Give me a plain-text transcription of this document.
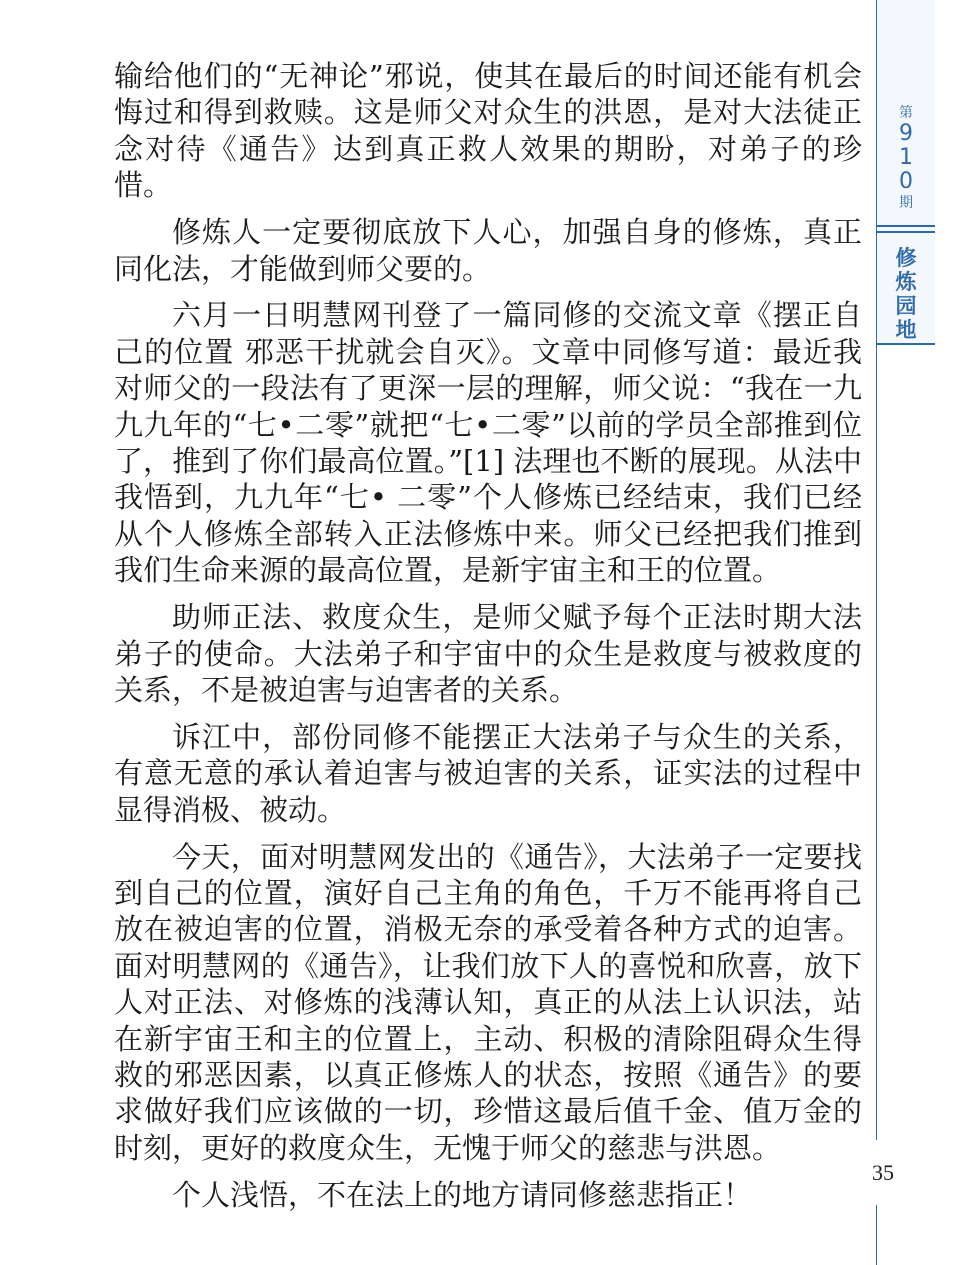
第
9
1
0
期
修
炼
园
地

输给他们的“无神论”邪说，使其在最后的时间还能有机会悔过和得到救赎。这是师父对众生的洪恩，是对大法徒正念对待《通告》达到真正救人效果的期盼，对弟子的珍惜。

修炼人一定要彻底放下人心，加强自身的修炼，真正同化法，才能做到师父要的。

六月一日明慧网刊登了一篇同修的交流文章《摆正自己的位置 邪恶干扰就会自灭》。文章中同修写道：最近我对师父的一段法有了更深一层的理解，师父说：“我在一九九九年的“七•二零”就把“七•二零”以前的学员全部推到位了，推到了你们最高位置。”[1] 法理也不断的展现。从法中我悟到，九九年“七• 二零”个人修炼已经结束，我们已经从个人修炼全部转入正法修炼中来。师父已经把我们推到我们生命来源的最高位置，是新宇宙主和王的位置。

助师正法、救度众生，是师父赋予每个正法时期大法弟子的使命。大法弟子和宇宙中的众生是救度与被救度的关系，不是被迫害与迫害者的关系。

诉江中，部份同修不能摆正大法弟子与众生的关系，有意无意的承认着迫害与被迫害的关系，证实法的过程中显得消极、被动。

今天，面对明慧网发出的《通告》，大法弟子一定要找到自己的位置，演好自己主角的角色，千万不能再将自己放在被迫害的位置，消极无奈的承受着各种方式的迫害。面对明慧网的《通告》，让我们放下人的喜悦和欣喜，放下人对正法、对修炼的浅薄认知，真正的从法上认识法，站在新宇宙王和主的位置上，主动、积极的清除阻碍众生得救的邪恶因素，以真正修炼人的状态，按照《通告》的要求做好我们应该做的一切，珍惜这最后值千金、值万金的时刻，更好的救度众生，无愧于师父的慈悲与洪恩。

个人浅悟，不在法上的地方请同修慈悲指正！

35
